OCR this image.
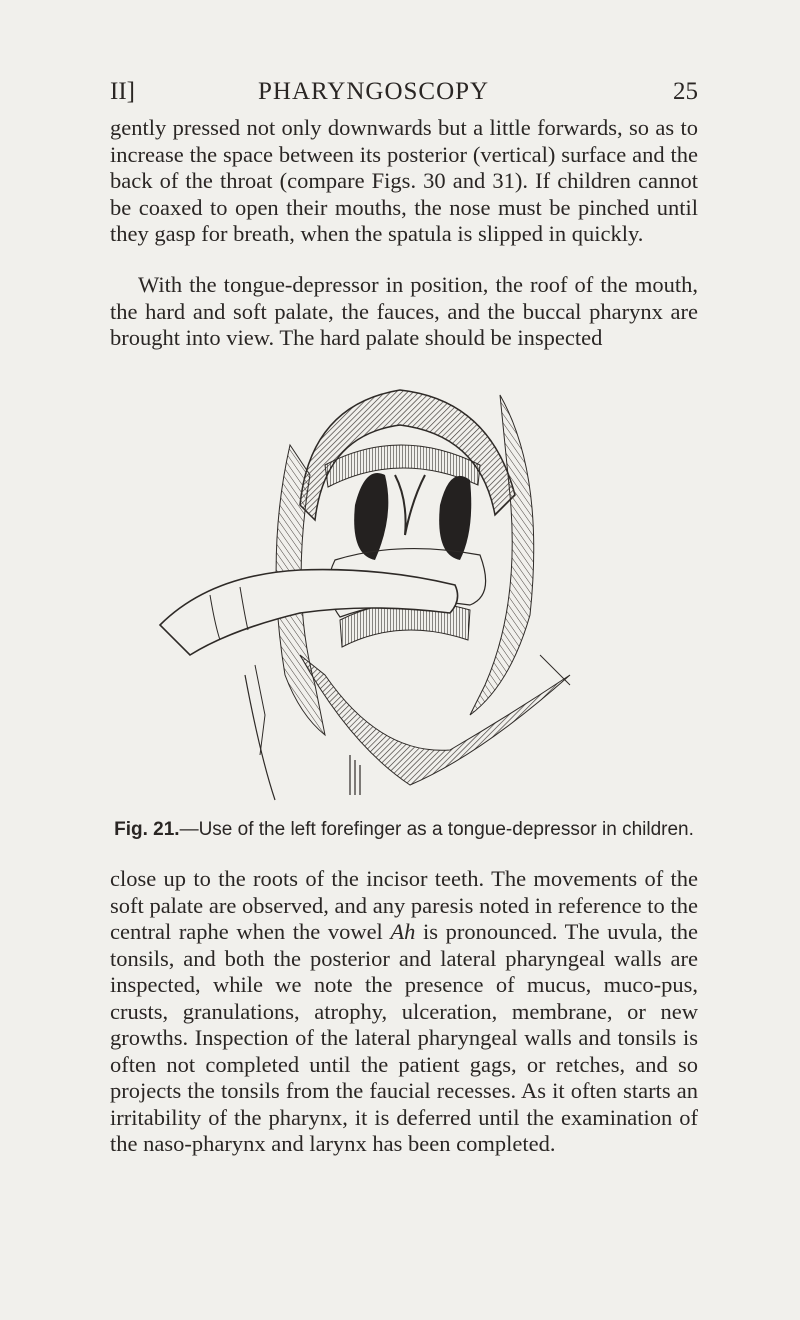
II]	PHARYNGOSCOPY	25

gently pressed not only downwards but a little forwards, so as to increase the space between its posterior (vertical) surface and the back of the throat (compare Figs. 30 and 31). If children cannot be coaxed to open their mouths, the nose must be pinched until they gasp for breath, when the spatula is slipped in quickly.

With the tongue-depressor in position, the roof of the mouth, the hard and soft palate, the fauces, and the buccal pharynx are brought into view. The hard palate should be inspected

Fig. 21.—Use of the left forefinger as a tongue-depressor in children.

close up to the roots of the incisor teeth. The movements of the soft palate are observed, and any paresis noted in reference to the central raphe when the vowel Ah is pronounced. The uvula, the tonsils, and both the posterior and lateral pharyngeal walls are inspected, while we note the presence of mucus, muco-pus, crusts, granulations, atrophy, ulceration, membrane, or new growths. Inspection of the lateral pharyngeal walls and tonsils is often not completed until the patient gags, or retches, and so projects the tonsils from the faucial recesses. As it often starts an irritability of the pharynx, it is deferred until the examination of the naso-pharynx and larynx has been completed.
